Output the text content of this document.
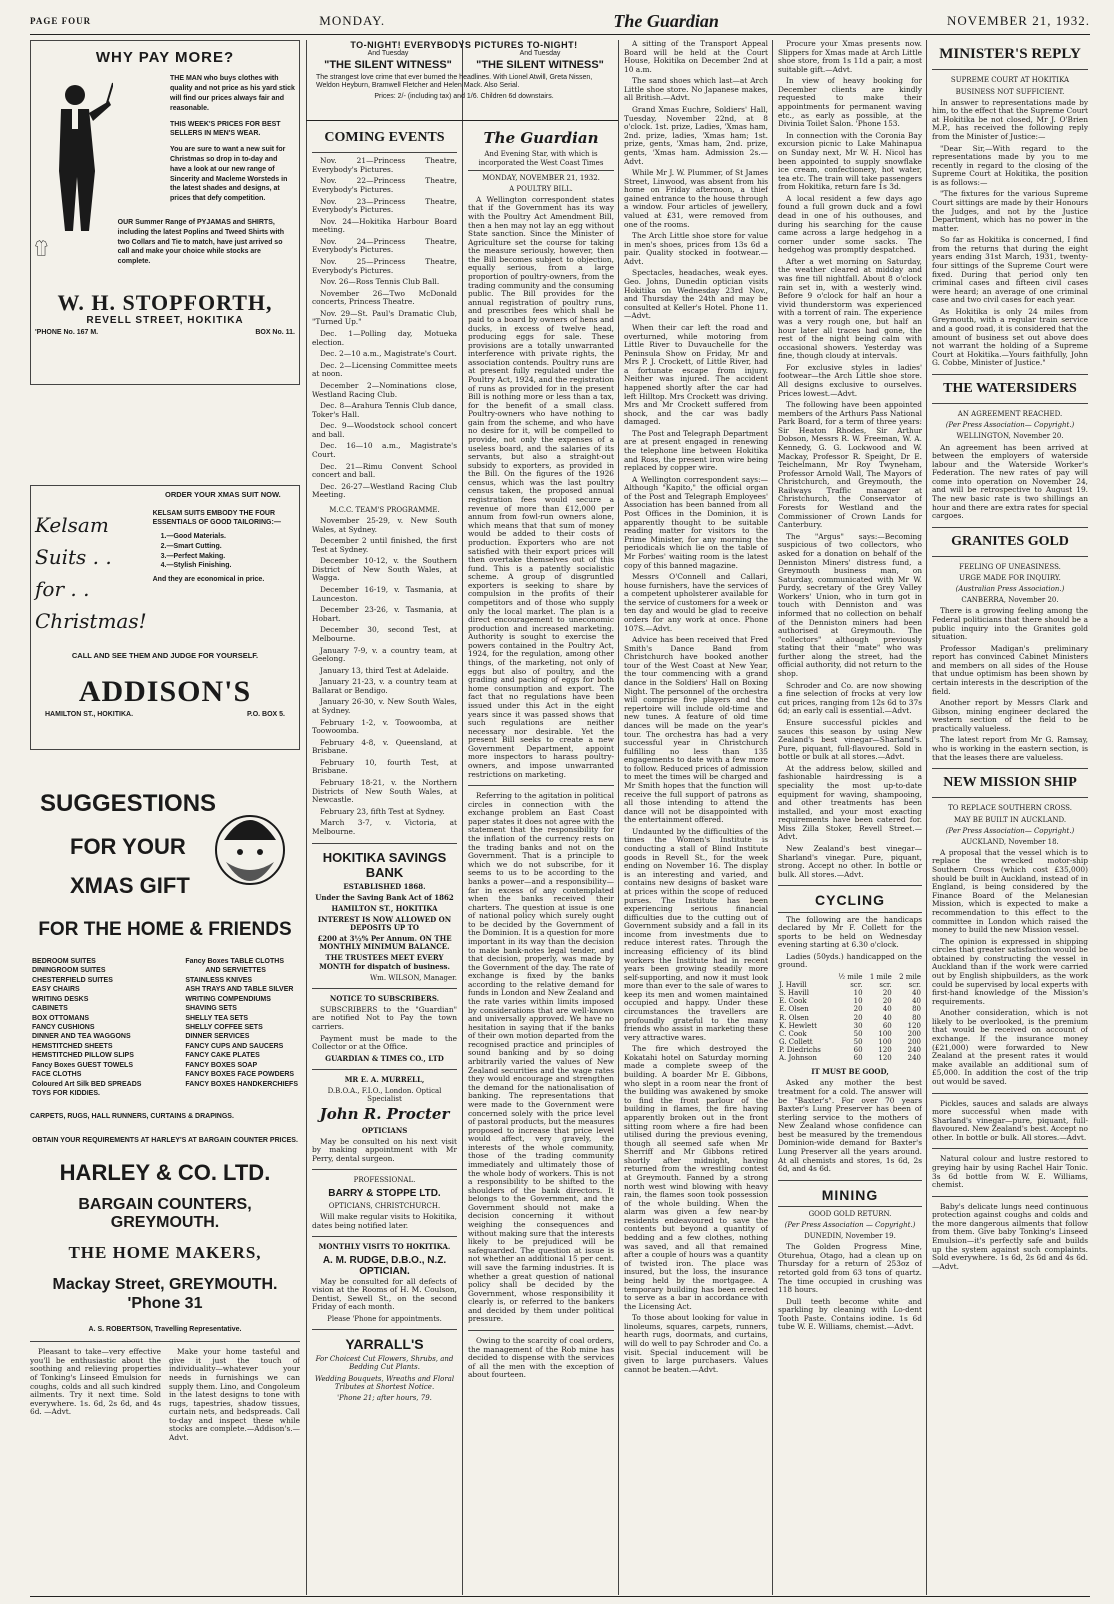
PAGE FOUR	MONDAY.	The Guardian	NOVEMBER 21, 1932.
WHY PAY MORE?
THE MAN who buys clothes with quality and not price as his yard stick will find our prices always fair and reasonable.
THIS WEEK'S PRICES FOR BEST SELLERS IN MEN'S WEAR.
You are sure to want a new suit for Christmas so drop in to-day and have a look at our new range of Sincerity and Macleme Worsteds in the latest shades and designs, at prices that defy competition.
OUR Summer Range of PYJAMAS and SHIRTS, including the latest Poplins and Tweed Shirts with two Collars and Tie to match, have just arrived so call and make your choice while stocks are complete.
W. H. STOPFORTH,
REVELL STREET, HOKITIKA
'PHONE No. 167 M.	BOX No. 11.
ORDER YOUR XMAS SUIT NOW.
Kelsam Suits . . for . . Christmas!
KELSAM SUITS EMBODY THE FOUR ESSENTIALS OF GOOD TAILORING:—
1.—Good Materials.
2.—Smart Cutting.
3.—Perfect Making.
4.—Stylish Finishing.
And they are economical in price.
CALL AND SEE THEM AND JUDGE FOR YOURSELF.
ADDISON'S
HAMILTON ST., HOKITIKA.	P.O. BOX 5.
SUGGESTIONS
FOR YOUR
XMAS GIFT
FOR THE HOME & FRIENDS
BEDROOM SUITES
DININGROOM SUITES
CHESTERFIELD SUITES
EASY CHAIRS
WRITING DESKS
CABINETS
BOX OTTOMANS
FANCY CUSHIONS
DINNER AND TEA WAGGONS
HEMSTITCHED SHEETS
HEMSTITCHED PILLOW SLIPS
Fancy Boxes GUEST TOWELS
FACE CLOTHS
Coloured Art Silk BED SPREADS
TOYS FOR KIDDIES.
Fancy Boxes TABLE CLOTHS
AND SERVIETTES
STAINLESS KNIVES
ASH TRAYS AND TABLE SILVER
WRITING COMPENDIUMS
SHAVING SETS
SHELLY TEA SETS
SHELLY COFFEE SETS
DINNER SERVICES
FANCY CUPS AND SAUCERS
FANCY CAKE PLATES
FANCY BOXES SOAP
FANCY BOXES FACE POWDERS
FANCY BOXES HANDKERCHIEFS
CARPETS, RUGS, HALL RUNNERS, CURTAINS & DRAPINGS.
OBTAIN YOUR REQUIREMENTS AT HARLEY'S AT BARGAIN COUNTER PRICES.
HARLEY & CO. LTD.
BARGAIN COUNTERS, GREYMOUTH.
THE HOME MAKERS,
Mackay Street, GREYMOUTH. 'Phone 31
A. S. ROBERTSON, Travelling Representative.

Pleasant to take—very effective you'll be enthusiastic about the soothing and relieving properties of Tonking's Linseed Emulsion for coughs, colds and all such kindred ailments. Try it next time. Sold everywhere. 1s. 6d, 2s 6d, and 4s 6d. —Advt.

Make your home tasteful and give it just the touch of individuality—whatever your needs in furnishings we can supply them. Lino, and Congoleum in the latest designs to tone with rugs, tapestries, shadow tissues, curtain nets, and bedspreads. Call to-day and inspect these while stocks are complete.—Addison's.—Advt.

TO-NIGHT! EVERYBODYS PICTURES TO-NIGHT!
And Tuesday	And Tuesday
"THE SILENT WITNESS" "THE SILENT WITNESS"
The strangest love crime that ever burned the headlines. With Lionel Atwill, Greta Nissen, Weldon Heyburn, Bramwell Fletcher and Helen Mack. Also Serial.
Prices: 2/- (including tax) and 1/6. Children 6d downstairs.
COMING EVENTS

Nov. 21—Princess Theatre, Everybody's Pictures.

Nov. 22—Princess Theatre, Everybody's Pictures.

Nov. 23—Princess Theatre, Everybody's Pictures.

Nov. 24—Hokitika Harbour Board meeting.

Nov. 24—Princess Theatre, Everybody's Pictures.

Nov. 25—Princess Theatre, Everybody's Pictures.

Nov. 26—Ross Tennis Club Ball.

November 26—Two McDonald concerts, Princess Theatre.

Nov. 29—St. Paul's Dramatic Club, "Turned Up."

Dec. 1—Polling day, Motueka election.

Dec. 2—10 a.m., Magistrate's Court.

Dec. 2—Licensing Committee meets at noon.

December 2—Nominations close, Westland Racing Club.

Dec. 8—Arahura Tennis Club dance, Toker's Hall.

Dec. 9—Woodstock school concert and ball.

Dec. 16—10 a.m., Magistrate's Court.

Dec. 21—Rimu Convent School concert and ball.

Dec. 26-27—Westland Racing Club Meeting.

M.C.C. TEAM'S PROGRAMME.

November 25-29, v. New South Wales, at Sydney.

December 2 until finished, the first Test at Sydney.

December 10-12, v. the Southern District of New South Wales, at Wagga.

December 16-19, v. Tasmania, at Launceston.

December 23-26, v. Tasmania, at Hobart.

December 30, second Test, at Melbourne.

January 7-9, v. a country team, at Geelong.

January 13, third Test at Adelaide.

January 21-23, v. a country team at Ballarat or Bendigo.

January 26-30, v. New South Wales, at Sydney.

February 1-2, v. Toowoomba, at Toowoomba.

February 4-8, v. Queensland, at Brisbane.

February 10, fourth Test, at Brisbane.

February 18-21, v. the Northern Districts of New South Wales, at Newcastle.

February 23, fifth Test at Sydney.

March 3-7, v. Victoria, at Melbourne.

HOKITIKA SAVINGS BANK
ESTABLISHED 1868.
Under the Saving Bank Act of 1862
HAMILTON ST., HOKITIKA
INTEREST IS NOW ALLOWED ON DEPOSITS UP TO
£200 at 3½% Per Annum. ON THE MONTHLY MINIMUM BALANCE.
THE TRUSTEES MEET EVERY MONTH for dispatch of business.
Wm. WILSON, Manager.
NOTICE TO SUBSCRIBERS.

SUBSCRIBERS to the "Guardian" are notified Not to Pay the town carriers.

Payment must be made to the Collector or at the Office.

GUARDIAN & TIMES CO., LTD
MR E. A. MURRELL,
D.B.O.A., F.I.O., London. Optical Specialist
John R. Procter
OPTICIANS

May be consulted on his next visit by making appointment with Mr Perry, dental surgeon.

PROFESSIONAL.
BARRY & STOPPE LTD.
OPTICIANS, CHRISTCHURCH.

Will make regular visits to Hokitika, dates being notified later.

MONTHLY VISITS TO HOKITIKA.
A. M. RUDGE, D.B.O., N.Z. OPTICIAN.

May be consulted for all defects of vision at the Rooms of H. M. Coulson, Dentist, Sewell St., on the second Friday of each month.

Please 'Phone for appointments.
YARRALL'S
For Choicest Cut Flowers, Shrubs, and Bedding Cut Plants.
Wedding Bouquets, Wreaths and Floral Tributes at Shortest Notice.
'Phone 21; after hours, 79.
The Guardian
And Evening Star, with which is incorporated the West Coast Times
MONDAY, NOVEMBER 21, 1932.
A POULTRY BILL.

A Wellington correspondent states that if the Government has its way with the Poultry Act Amendment Bill, then a hen may not lay an egg without State sanction. Since the Minister of Agriculture set the course for taking the measure seriously, however, then the Bill becomes subject to objection, equally serious, from a large proportion of poultry-owners, from the trading community and the consuming public. The Bill provides for the annual registration of poultry runs, and prescribes fees which shall be paid to a board by owners of hens and ducks, in excess of twelve head, producing eggs for sale. These provisions are a totally unwarranted interference with private rights, the association contends. Poultry runs are at present fully regulated under the Poultry Act, 1924, and the registration of runs as provided for in the present Bill is nothing more or less than a tax, for the benefit of a small class. Poultry-owners who have nothing to gain from the scheme, and who have no desire for it, will be compelled to provide, not only the expenses of a useless board, and the salaries of its servants, but also a straight-out subsidy to exporters, as provided in the Bill. On the figures of the 1926 census, which was the last poultry census taken, the proposed annual registration fees would secure a revenue of more than £12,000 per annum from fowl-run owners alone, which means that that sum of money would be added to their costs of production. Exporters who are not satisfied with their export prices will then overtake themselves out of this fund. This is a patently socialistic scheme. A group of disgruntled exporters is seeking to share by compulsion in the profits of their competitors and of those who supply only the local market. The plan is a direct encouragement to uneconomic production and increased marketing. Authority is sought to exercise the powers contained in the Poultry Act, 1924, for the regulation, among other things, of the marketing, not only of eggs but also of poultry, and the grading and packing of eggs for both home consumption and export. The fact that no regulations have been issued under this Act in the eight years since it was passed shows that such regulations are neither necessary nor desirable. Yet the present Bill seeks to create a new Government Department, appoint more inspectors to harass poultry-owners, and impose unwarranted restrictions on marketing.

Referring to the agitation in political circles in connection with the exchange problem an East Coast paper states it does not agree with the statement that the responsibility for the inflation of the currency rests on the trading banks and not on the Government. That is a principle to which we do not subscribe, for it seems to us to be according to the banks a power—and a responsibility—far in excess of any contemplated when the banks received their charters. The question at issue is one of national policy which surely ought to be decided by the Government of the Dominion. It is a question for more important in its way than the decision to make bank-notes legal tender, and that decision, properly, was made by the Government of the day. The rate of exchange is fixed by the banks according to the relative demand for funds in London and New Zealand and the rate varies within limits imposed by considerations that are well-known and universally approved. We have no hesitation in saying that if the banks of their own motion departed from the recognised practice and principles of sound banking and by so doing arbitrarily varied the values of New Zealand securities and the wage rates they would encourage and strengthen the demand for the nationalisation of banking. The representations that were made to the Government were concerned solely with the price level of pastoral products, but the measures proposed to increase that price level would affect, very gravely, the interests of the whole community, those of the trading community immediately and ultimately those of the whole body of workers. This is not a responsibility to be shifted to the shoulders of the bank directors. It belongs to the Government, and the Government should not make a decision concerning it without weighing the consequences and without making sure that the interests likely to be prejudiced will be safeguarded. The question at issue is not whether an additional 15 per cent. will save the farming industries. It is whether a great question of national policy shall be decided by the Government, whose responsibility it clearly is, or referred to the bankers and decided by them under political pressure.

Owing to the scarcity of coal orders, the management of the Rob mine has decided to dispense with the services of all the men with the exception of about fourteen.

A sitting of the Transport Appeal Board will be held at the Court House, Hokitika on December 2nd at 10 a.m.

The sand shoes which last—at Arch Little shoe store. No Japanese makes, all British.—Advt.

Grand Xmas Euchre, Soldiers' Hall, Tuesday, November 22nd, at 8 o'clock. 1st. prize, Ladies, 'Xmas ham, 2nd. prize, ladies, 'Xmas ham; 1st. prize, gents, 'Xmas ham, 2nd. prize, gents, 'Xmas ham. Admission 2s.—Advt.

While Mr J. W. Plummer, of St James Street, Linwood, was absent from his home on Friday afternoon, a thief gained entrance to the house through a window. Four articles of jewellery, valued at £31, were removed from one of the rooms.

The Arch Little shoe store for value in men's shoes, prices from 13s 6d a pair. Quality stocked in footwear.—Advt.

Spectacles, headaches, weak eyes. Geo. Johns, Dunedin optician visits Hokitika on Wednesday 23rd Nov., and Thursday the 24th and may be consulted at Keller's Hotel. Phone 11.—Advt.

When their car left the road and overturned, while motoring from Little River to Duvauchelle for the Peninsula Show on Friday, Mr and Mrs P. J. Crockett, of Little River, had a fortunate escape from injury. Neither was injured. The accident happened shortly after the car had left Hilltop. Mrs Crockett was driving. Mrs and Mr Crockett suffered from shock, and the car was badly damaged.

The Post and Telegraph Department are at present engaged in renewing the telephone line between Hokitika and Ross, the present iron wire being replaced by copper wire.

A Wellington correspondent says:—Although "Kapito," the official organ of the Post and Telegraph Employees' Association has been banned from all Post Offices in the Dominion, it is apparently thought to be suitable reading matter for visitors to the Prime Minister, for any morning the periodicals which lie on the table of Mr Forbes' waiting room is the latest copy of this banned magazine.

Messrs O'Connell and Callari, house furnishers, have the services of a competent upholsterer available for the service of customers for a week or ten day and would be glad to receive orders for any work at once. Phone 107S.—Advt.

Advice has been received that Fred Smith's Dance Band from Christchurch have booked another tour of the West Coast at New Year, the tour commencing with a grand dance in the Soldiers' Hall on Boxing Night. The personnel of the orchestra will comprise five players and the repertoire will include old-time and new tunes. A feature of old time dances will be made on the year's tour. The orchestra has had a very successful year in Christchurch fulfilling no less than 135 engagements to date with a few more to follow. Reduced prices of admission to meet the times will be charged and Mr Smith hopes that the function will receive the full support of patrons as all those intending to attend the dance will not be disappointed with the entertainment offered.

Undaunted by the difficulties of the times the Women's Institute is conducting a stall of Blind Institute goods in Revell St., for the week ending on November 16. The display is an interesting and varied, and contains new designs of basket ware at prices within the scope of reduced purses. The Institute has been experiencing serious financial difficulties due to the cutting out of Government subsidy and a fall in its income from investments due to reduce interest rates. Through the increasing efficiency of its blind workers the Institute had in recent years been growing steadily more self-supporting, and now it must look more than ever to the sale of wares to keep its men and women maintained occupied and happy. Under these circumstances the travellers are profoundly grateful to the many friends who assist in marketing these very attractive wares.

The fire which destroyed the Kokatahi hotel on Saturday morning made a complete sweep of the building. A boarder Mr E. Gibbons, who slept in a room near the front of the building was awakened by smoke to find the front parlour of the building in flames, the fire having apparently broken out in the front sitting room where a fire had been utilised during the previous evening, though all seemed safe when Mr Sherriff and Mr Gibbons retired shortly after midnight, having returned from the wrestling contest at Greymouth. Fanned by a strong north west wind blowing with heavy rain, the flames soon took possession of the whole building. When the alarm was given a few near-by residents endeavoured to save the contents but beyond a quantity of bedding and a few clothes, nothing was saved, and all that remained after a couple of hours was a quantity of twisted iron. The place was insured, but the loss, the insurance being held by the mortgagee. A temporary building has been erected to serve as a bar in accordance with the Licensing Act.

To those about looking for value in linoleums, squares, carpets, runners, hearth rugs, doormats, and curtains, will do well to pay Schroder and Co. a visit. Special inducement will be given to large purchasers. Values cannot be beaten.—Advt.

Procure your Xmas presents now. Slippers for Xmas made at Arch Little shoe store, from 1s 11d a pair, a most suitable gift.—Advt.

In view of heavy booking for December clients are kindly requested to make their appointments for permanent waving etc., as early as possible, at the Divinia Toilet Salon. 'Phone 153.

In connection with the Coronia Bay excursion picnic to Lake Mahinapua on Sunday next, Mr W. H. Nicol has been appointed to supply snowflake ice cream, confectionery, hot water, tea etc. The train will take passengers from Hokitika, return fare 1s 3d.

A local resident a few days ago found a full grown duck and a fowl dead in one of his outhouses, and during his searching for the cause came across a large hedgehog in a corner under some sacks. The hedgehog was promptly despatched.

After a wet morning on Saturday, the weather cleared at midday and was fine till nightfall. About 8 o'clock rain set in, with a westerly wind. Before 9 o'clock for half an hour a vivid thunderstorm was experienced with a torrent of rain. The experience was a very rough one, but half an hour later all traces had gone, the rest of the night being calm with occasional showers. Yesterday was fine, though cloudy at intervals.

For exclusive styles in ladies' footwear—the Arch Little shoe store. All designs exclusive to ourselves. Prices lowest.—Advt.

The following have been appointed members of the Arthurs Pass National Park Board, for a term of three years: Sir Heaton Rhodes, Sir Arthur Dobson, Messrs R. W. Freeman, W. A. Kennedy, G. G. Lockwood and W. Mackay, Professor R. Speight, Dr E. Teichelmann, Mr Roy Twyneham, Professor Arnold Wall, The Mayors of Christchurch, and Greymouth, the Railways Traffic manager at Christchurch, the Conservator of Forests for Westland and the Commissioner of Crown Lands for Canterbury.

The "Argus" says:—Becoming suspicious of two collectors, who asked for a donation on behalf of the Denniston Miners' distress fund, a Greymouth business man, on Saturday, communicated with Mr W. Purdy, secretary of the Grey Valley Workers' Union, who in turn got in touch with Denniston and was informed that no collection on behalf of the Denniston miners had been authorised at Greymouth. The "collectors" although previously stating that their "mate" who was further along the street, had the official authority, did not return to the shop.

Schroder and Co. are now showing a fine selection of frocks at very low cut prices, ranging from 12s 6d to 37s 6d; an early call is essential.—Advt.

Ensure successful pickles and sauces this season by using New Zealand's best vinegar—Sharland's. Pure, piquant, full-flavoured. Sold in bottle or bulk at all stores.—Advt.

At the address below, skilled and fashionable hairdressing is a speciality the most up-to-date equipment for waving, shampooing, and other treatments has been installed, and your most exacting requirements have been catered for. Miss Zilla Stoker, Revell Street.—Advt.

New Zealand's best vinegar—Sharland's vinegar. Pure, piquant, strong. Accept no other. In bottle or bulk. All stores.—Advt.

CYCLING

The following are the handicaps declared by Mr F. Collett for the sports to be held on Wednesday evening starting at 6.30 o'clock.

Ladies (50yds.) handicapped on the ground.

	½ mile	1 mile	2 mile
J. Havill	scr.	scr.	scr.
S. Havill	10	20	40
E. Cook	10	20	40
E. Olsen	20	40	80
R. Olsen	20	40	80
K. Hewlett	30	60	120
C. Cook	50	100	200
G. Collett	50	100	200
P. Diedrichs	60	120	240
A. Johnson	60	120	240
IT MUST BE GOOD,

Asked any mother the best treatment for a cold. The answer will be "Baxter's". For over 70 years Baxter's Lung Preserver has been of sterling service to the mothers of New Zealand whose confidence can best be measured by the tremendous Dominion-wide demand for Baxter's Lung Preserver all the years around. At all chemists and stores, 1s 6d, 2s 6d, and 4s 6d.

MINING
GOOD GOLD RETURN.
(Per Press Association — Copyright.)
DUNEDIN, November 19.

The Golden Progress Mine, Oturehua, Otago, had a clean up on Thursday for a return of 253oz of retorted gold from 63 tons of quartz. The time occupied in crushing was 118 hours.

Dull teeth become white and sparkling by cleaning with Lo-dent Tooth Paste. Contains iodine. 1s 6d tube W. E. Williams, chemist.—Advt.

MINISTER'S REPLY
SUPREME COURT AT HOKITIKA
BUSINESS NOT SUFFICIENT.

In answer to representations made by him, to the effect that the Supreme Court at Hokitika be not closed, Mr J. O'Brien M.P., has received the following reply from the Minister of Justice:—

"Dear Sir,—With regard to the representations made by you to me recently in regard to the closing of the Supreme Court at Hokitika, the position is as follows:—

"The fixtures for the various Supreme Court sittings are made by their Honours the Judges, and not by the Justice Department, which has no power in the matter.

So far as Hokitika is concerned, I find from the returns that during the eight years ending 31st March, 1931, twenty-four sittings of the Supreme Court were fixed. During that period only ten criminal cases and fifteen civil cases were heard; an average of one criminal case and two civil cases for each year.

As Hokitika is only 24 miles from Greymouth, with a regular train service and a good road, it is considered that the amount of business set out above does not warrant the holding of a Supreme Court at Hokitika.—Yours faithfully, John G. Cobbe, Minister of Justice."

THE WATERSIDERS
AN AGREEMENT REACHED.
(Per Press Association— Copyright.)
WELLINGTON, November 20.

An agreement has been arrived at between the employers of waterside labour and the Waterside Worker's Federation. The new rates of pay will come into operation on November 24, and will be retrospective to August 19. The new basic rate is two shillings an hour and there are extra rates for special cargoes.

GRANITES GOLD
FEELING OF UNEASINESS.
URGE MADE FOR INQUIRY.
(Australian Press Association.)
CANBERRA, November 20.

There is a growing feeling among the Federal politicians that there should be a public inquiry into the Granites gold situation.

Professor Madigan's preliminary report has convinced Cabinet Ministers and members on all sides of the House that undue optimism has been shown by certain interests in the description of the field.

Another report by Messrs Clark and Gibson, mining engineer declared the western section of the field to be practically valueless.

The latest report from Mr G. Ramsay, who is working in the eastern section, is that the leases there are valueless.

NEW MISSION SHIP
TO REPLACE SOUTHERN CROSS.
MAY BE BUILT IN AUCKLAND.
(Per Press Association— Copyright.)
AUCKLAND, November 18.

A proposal that the vessel which is to replace the wrecked motor-ship Southern Cross (which cost £35,000) should be built in Auckland, instead of in England, is being considered by the Finance Board of the Melanesian Mission, which is expected to make a recommendation to this effect to the committee in London which raised the money to build the new Mission vessel.

The opinion is expressed in shipping circles that greater satisfaction would be obtained by constructing the vessel in Auckland than if the work were carried out by English shipbuilders, as the work could be supervised by local experts with first-hand knowledge of the Mission's requirements.

Another consideration, which is not likely to be overlooked, is the premium that would be received on account of exchange. If the insurance money (£21,000) were forwarded to New Zealand at the present rates it would make available an additional sum of £5,000. In addition the cost of the trip out would be saved.

Pickles, sauces and salads are always more successful when made with Sharland's vinegar—pure, piquant, full-flavoured. New Zealand's best. Accept no other. In bottle or bulk. All stores.—Advt.

Natural colour and lustre restored to greying hair by using Rachel Hair Tonic. 3s 6d bottle from W. E. Williams, chemist.

Baby's delicate lungs need continuous protection against coughs and colds and the more dangerous ailments that follow from them. Give baby Tonking's Linseed Emulsion—it's perfectly safe and builds up the system against such complaints. Sold everywhere. 1s 6d, 2s 6d and 4s 6d. —Advt.
